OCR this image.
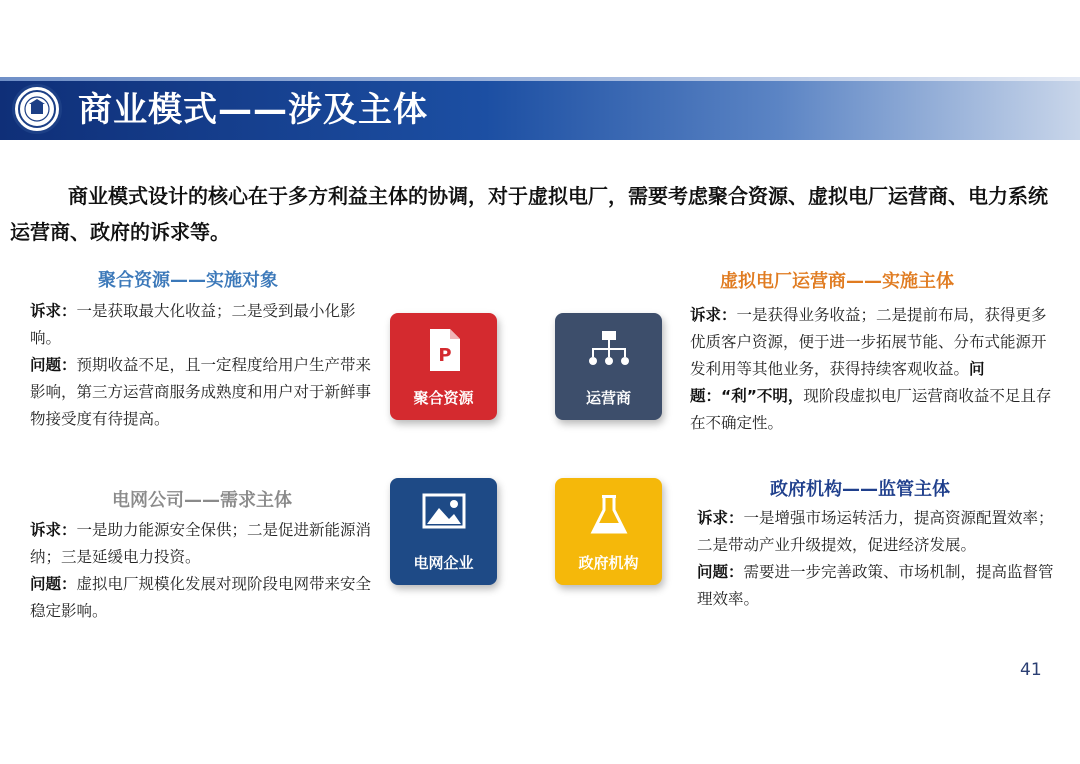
商业模式——涉及主体
商业模式设计的核心在于多方利益主体的协调，对于虚拟电厂，需要考虑聚合资源、虚拟电厂运营商、电力系统运营商、政府的诉求等。
聚合资源——实施对象

诉求：一是获取最大化收益；二是受到最小化影响。

问题：预期收益不足，且一定程度给用户生产带来影响，第三方运营商服务成熟度和用户对于新鲜事物接受度有待提高。

电网公司——需求主体

诉求：一是助力能源安全保供；二是促进新能源消纳；三是延缓电力投资。

问题：虚拟电厂规模化发展对现阶段电网带来安全稳定影响。

虚拟电厂运营商——实施主体

诉求：一是获得业务收益；二是提前布局，获得更多优质客户资源，便于进一步拓展节能、分布式能源开发利用等其他业务，获得持续客观收益。问题：“利”不明，现阶段虚拟电厂运营商收益不足且存在不确定性。

政府机构——监管主体

诉求：一是增强市场运转活力，提高资源配置效率；二是带动产业升级提效，促进经济发展。

问题：需要进一步完善政策、市场机制，提高监督管理效率。

P
聚合资源	运营商
电网企业	政府机构
41
